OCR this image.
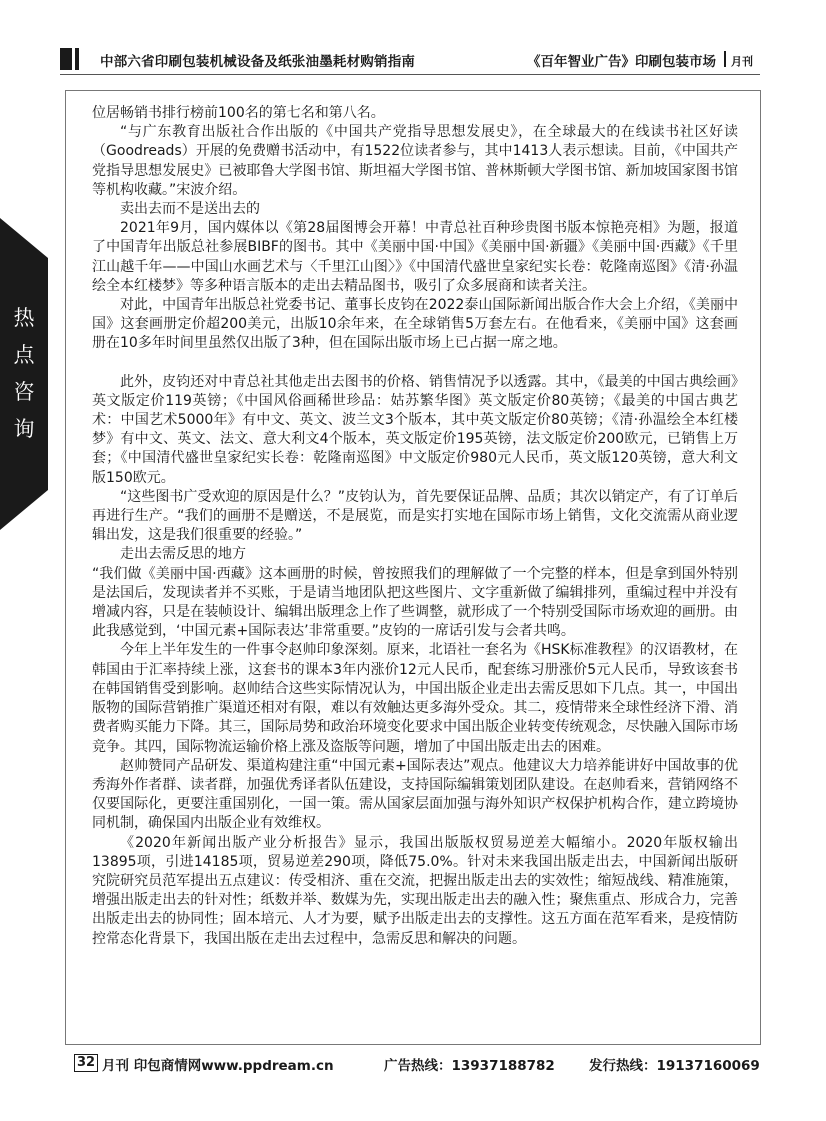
中部六省印刷包装机械设备及纸张油墨耗材购销指南	《百年智业广告》印刷包装市场 月刊
热
点
咨
询

位居畅销书排行榜前100名的第七名和第八名。

“与广东教育出版社合作出版的《中国共产党指导思想发展史》，在全球最大的在线读书社区好读（Goodreads）开展的免费赠书活动中，有1522位读者参与，其中1413人表示想读。目前，《中国共产党指导思想发展史》已被耶鲁大学图书馆、斯坦福大学图书馆、普林斯顿大学图书馆、新加坡国家图书馆等机构收藏。”宋波介绍。

卖出去而不是送出去的

2021年9月，国内媒体以《第28届图博会开幕！中青总社百种珍贵图书版本惊艳亮相》为题，报道了中国青年出版总社参展BIBF的图书。其中《美丽中国·中国》《美丽中国·新疆》《美丽中国·西藏》《千里江山越千年——中国山水画艺术与〈千里江山图〉》《中国清代盛世皇家纪实长卷：乾隆南巡图》《清·孙温绘全本红楼梦》等多种语言版本的走出去精品图书，吸引了众多展商和读者关注。

对此，中国青年出版总社党委书记、董事长皮钧在2022泰山国际新闻出版合作大会上介绍，《美丽中国》这套画册定价超200美元，出版10余年来，在全球销售5万套左右。在他看来，《美丽中国》这套画册在10多年时间里虽然仅出版了3种，但在国际出版市场上已占据一席之地。

此外，皮钧还对中青总社其他走出去图书的价格、销售情况予以透露。其中，《最美的中国古典绘画》英文版定价119英镑；《中国风俗画稀世珍品：姑苏繁华图》英文版定价80英镑；《最美的中国古典艺术：中国艺术5000年》有中文、英文、波兰文3个版本，其中英文版定价80英镑；《清·孙温绘全本红楼梦》有中文、英文、法文、意大利文4个版本，英文版定价195英镑，法文版定价200欧元，已销售上万套；《中国清代盛世皇家纪实长卷：乾隆南巡图》中文版定价980元人民币，英文版120英镑，意大利文版150欧元。

“这些图书广受欢迎的原因是什么？”皮钧认为，首先要保证品牌、品质；其次以销定产，有了订单后再进行生产。“我们的画册不是赠送，不是展览，而是实打实地在国际市场上销售，文化交流需从商业逻辑出发，这是我们很重要的经验。”

走出去需反思的地方

“我们做《美丽中国·西藏》这本画册的时候，曾按照我们的理解做了一个完整的样本，但是拿到国外特别是法国后，发现读者并不买账，于是请当地团队把这些图片、文字重新做了编辑排列，重编过程中并没有增减内容，只是在装帧设计、编辑出版理念上作了些调整，就形成了一个特别受国际市场欢迎的画册。由此我感觉到，‘中国元素+国际表达’非常重要。”皮钧的一席话引发与会者共鸣。

今年上半年发生的一件事令赵帅印象深刻。原来，北语社一套名为《HSK标准教程》的汉语教材，在韩国由于汇率持续上涨，这套书的课本3年内涨价12元人民币，配套练习册涨价5元人民币，导致该套书在韩国销售受到影响。赵帅结合这些实际情况认为，中国出版企业走出去需反思如下几点。其一，中国出版物的国际营销推广渠道还相对有限，难以有效触达更多海外受众。其二，疫情带来全球性经济下滑、消费者购买能力下降。其三，国际局势和政治环境变化要求中国出版企业转变传统观念，尽快融入国际市场竞争。其四，国际物流运输价格上涨及盗版等问题，增加了中国出版走出去的困难。

赵帅赞同产品研发、渠道构建注重“中国元素+国际表达”观点。他建议大力培养能讲好中国故事的优秀海外作者群、读者群，加强优秀译者队伍建设，支持国际编辑策划团队建设。在赵帅看来，营销网络不仅要国际化，更要注重国别化，一国一策。需从国家层面加强与海外知识产权保护机构合作，建立跨境协同机制，确保国内出版企业有效维权。

《2020年新闻出版产业分析报告》显示，我国出版版权贸易逆差大幅缩小。2020年版权输出13895项，引进14185项，贸易逆差290项，降低75.0%。针对未来我国出版走出去，中国新闻出版研究院研究员范军提出五点建议：传受相济、重在交流，把握出版走出去的实效性；缩短战线、精准施策，增强出版走出去的针对性；纸数并举、数媒为先，实现出版走出去的融入性；聚焦重点、形成合力，完善出版走出去的协同性；固本培元、人才为要，赋予出版走出去的支撑性。这五方面在范军看来，是疫情防控常态化背景下，我国出版在走出去过程中，急需反思和解决的问题。

32 月刊 印包商情网www.ppdream.cn	广告热线：13937188782	发行热线：19137160069
